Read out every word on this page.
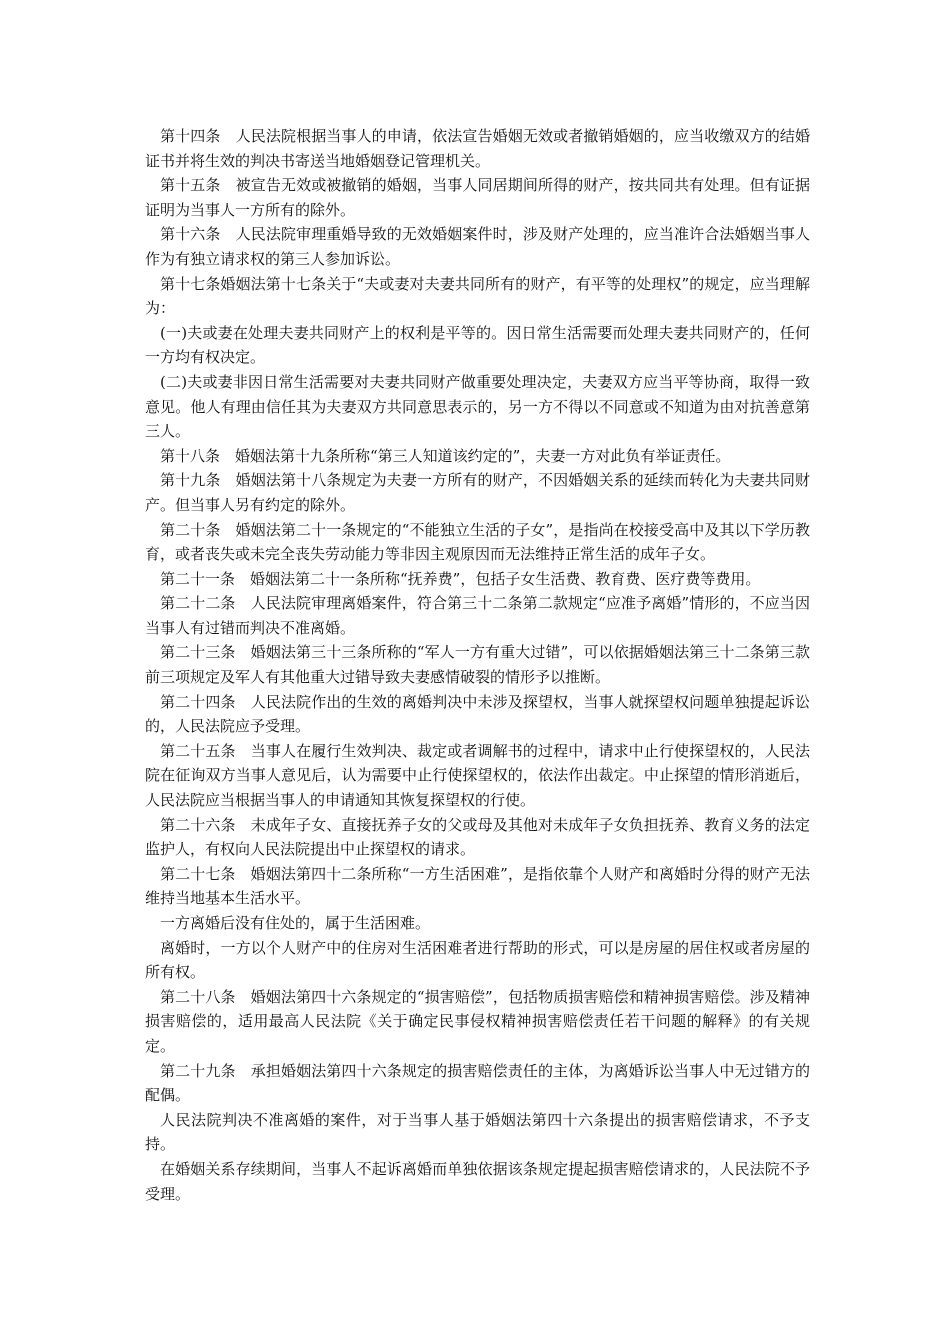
第十四条　人民法院根据当事人的申请，依法宣告婚姻无效或者撤销婚姻的，应当收缴双方的结婚证书并将生效的判决书寄送当地婚姻登记管理机关。

第十五条　被宣告无效或被撤销的婚姻，当事人同居期间所得的财产，按共同共有处理。但有证据证明为当事人一方所有的除外。

第十六条　人民法院审理重婚导致的无效婚姻案件时，涉及财产处理的，应当准许合法婚姻当事人作为有独立请求权的第三人参加诉讼。

第十七条婚姻法第十七条关于“夫或妻对夫妻共同所有的财产，有平等的处理权”的规定，应当理解为：

(一)夫或妻在处理夫妻共同财产上的权利是平等的。因日常生活需要而处理夫妻共同财产的，任何一方均有权决定。

(二)夫或妻非因日常生活需要对夫妻共同财产做重要处理决定，夫妻双方应当平等协商，取得一致意见。他人有理由信任其为夫妻双方共同意思表示的，另一方不得以不同意或不知道为由对抗善意第三人。

第十八条　婚姻法第十九条所称“第三人知道该约定的”，夫妻一方对此负有举证责任。

第十九条　婚姻法第十八条规定为夫妻一方所有的财产，不因婚姻关系的延续而转化为夫妻共同财产。但当事人另有约定的除外。

第二十条　婚姻法第二十一条规定的“不能独立生活的子女”，是指尚在校接受高中及其以下学历教育，或者丧失或未完全丧失劳动能力等非因主观原因而无法维持正常生活的成年子女。

第二十一条　婚姻法第二十一条所称“抚养费”，包括子女生活费、教育费、医疗费等费用。

第二十二条　人民法院审理离婚案件，符合第三十二条第二款规定“应准予离婚”情形的，不应当因当事人有过错而判决不准离婚。

第二十三条　婚姻法第三十三条所称的“军人一方有重大过错”，可以依据婚姻法第三十二条第三款前三项规定及军人有其他重大过错导致夫妻感情破裂的情形予以推断。

第二十四条　人民法院作出的生效的离婚判决中未涉及探望权，当事人就探望权问题单独提起诉讼的，人民法院应予受理。

第二十五条　当事人在履行生效判决、裁定或者调解书的过程中，请求中止行使探望权的，人民法院在征询双方当事人意见后，认为需要中止行使探望权的，依法作出裁定。中止探望的情形消逝后，人民法院应当根据当事人的申请通知其恢复探望权的行使。

第二十六条　未成年子女、直接抚养子女的父或母及其他对未成年子女负担抚养、教育义务的法定监护人，有权向人民法院提出中止探望权的请求。

第二十七条　婚姻法第四十二条所称“一方生活困难”，是指依靠个人财产和离婚时分得的财产无法维持当地基本生活水平。

一方离婚后没有住处的，属于生活困难。

离婚时，一方以个人财产中的住房对生活困难者进行帮助的形式，可以是房屋的居住权或者房屋的所有权。

第二十八条　婚姻法第四十六条规定的“损害赔偿”，包括物质损害赔偿和精神损害赔偿。涉及精神损害赔偿的，适用最高人民法院《关于确定民事侵权精神损害赔偿责任若干问题的解释》的有关规定。

第二十九条　承担婚姻法第四十六条规定的损害赔偿责任的主体，为离婚诉讼当事人中无过错方的配偶。

人民法院判决不准离婚的案件，对于当事人基于婚姻法第四十六条提出的损害赔偿请求，不予支持。

在婚姻关系存续期间，当事人不起诉离婚而单独依据该条规定提起损害赔偿请求的，人民法院不予受理。
